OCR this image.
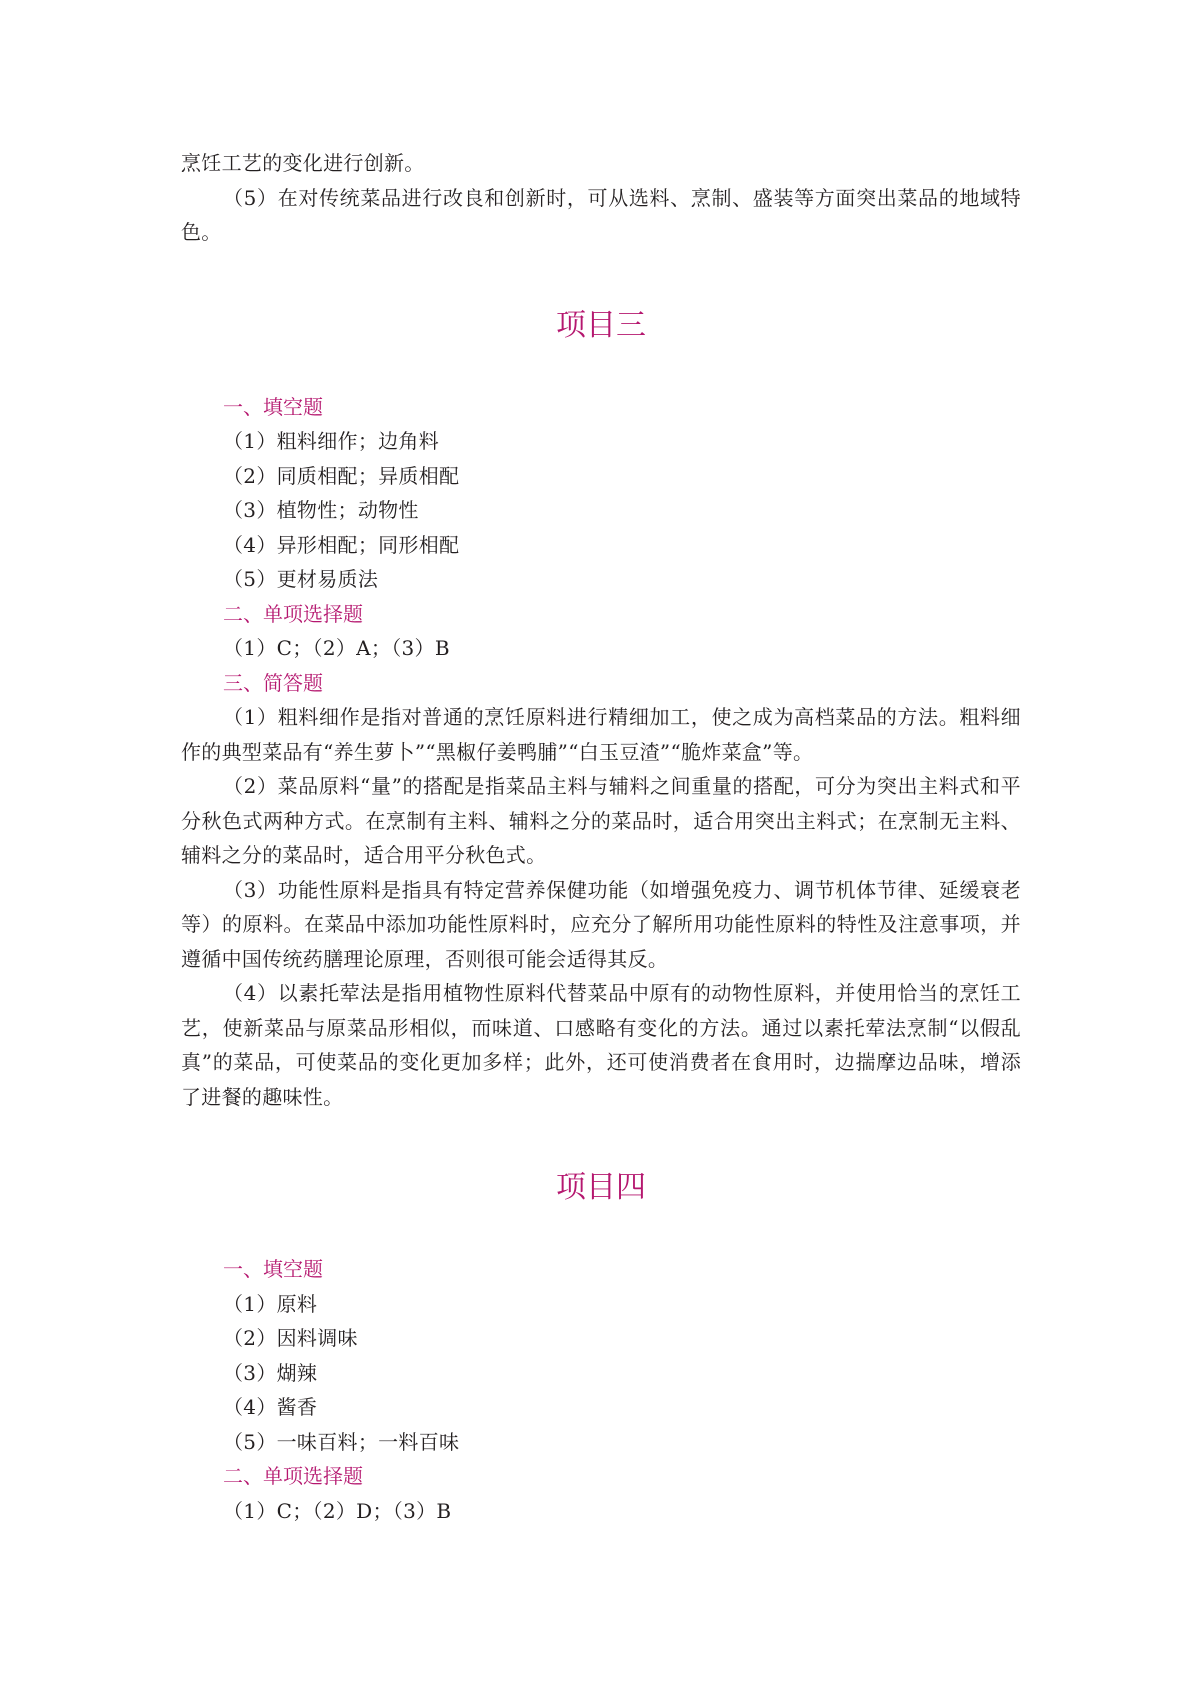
烹饪工艺的变化进行创新。

（5）在对传统菜品进行改良和创新时，可从选料、烹制、盛装等方面突出菜品的地域特色。

项目三
一、填空题

（1）粗料细作；边角料

（2）同质相配；异质相配

（3）植物性；动物性

（4）异形相配；同形相配

（5）更材易质法

二、单项选择题

（1）C；（2）A；（3）B

三、简答题

（1）粗料细作是指对普通的烹饪原料进行精细加工，使之成为高档菜品的方法。粗料细作的典型菜品有“养生萝卜”“黑椒仔姜鸭脯”“白玉豆渣”“脆炸菜盒”等。

（2）菜品原料“量”的搭配是指菜品主料与辅料之间重量的搭配，可分为突出主料式和平分秋色式两种方式。在烹制有主料、辅料之分的菜品时，适合用突出主料式；在烹制无主料、辅料之分的菜品时，适合用平分秋色式。

（3）功能性原料是指具有特定营养保健功能（如增强免疫力、调节机体节律、延缓衰老等）的原料。在菜品中添加功能性原料时，应充分了解所用功能性原料的特性及注意事项，并遵循中国传统药膳理论原理，否则很可能会适得其反。

（4）以素托荤法是指用植物性原料代替菜品中原有的动物性原料，并使用恰当的烹饪工艺，使新菜品与原菜品形相似，而味道、口感略有变化的方法。通过以素托荤法烹制“以假乱真”的菜品，可使菜品的变化更加多样；此外，还可使消费者在食用时，边揣摩边品味，增添了进餐的趣味性。

项目四
一、填空题

（1）原料

（2）因料调味

（3）煳辣

（4）酱香

（5）一味百料；一料百味

二、单项选择题

（1）C；（2）D；（3）B
